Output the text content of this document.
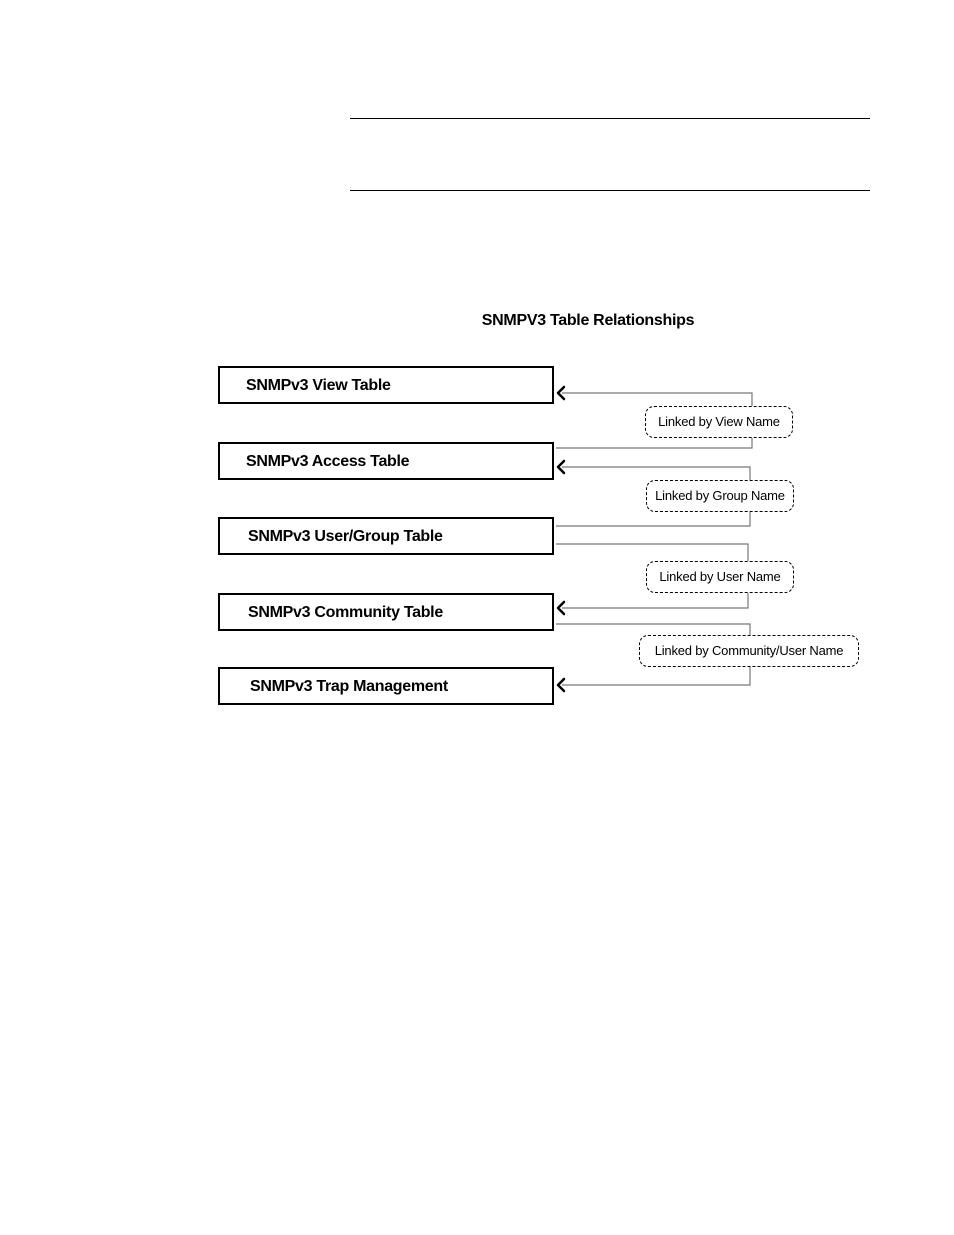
SNMPV3 Table Relationships
SNMPv3 View Table
SNMPv3 Access Table
SNMPv3 User/Group Table
SNMPv3 Community Table
SNMPv3 Trap Management
Linked by View Name
Linked by Group Name
Linked by User Name
Linked by Community/User Name
